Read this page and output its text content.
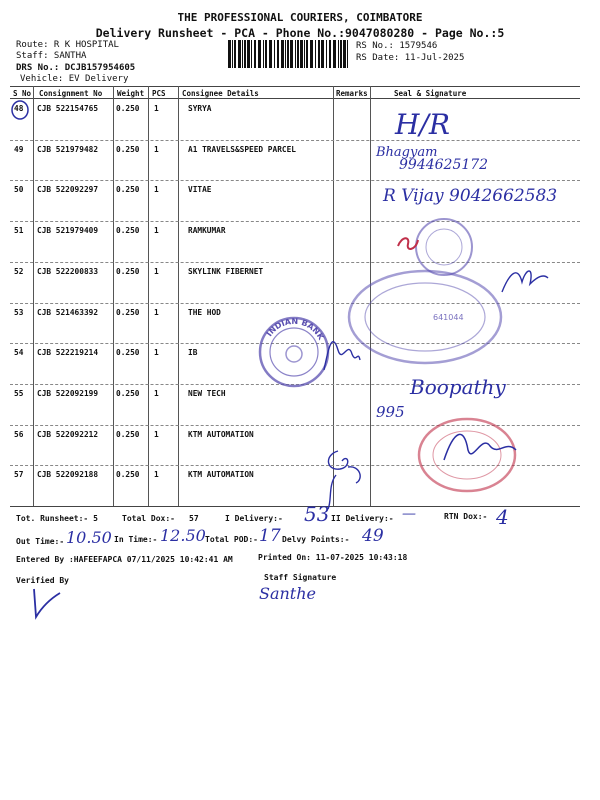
THE PROFESSIONAL COURIERS, COIMBATORE
Delivery Runsheet - PCA - Phone No.:9047080280 - Page No.:5
Route: R K HOSPITAL
Staff: SANTHA
DRS No.: DCJB157954605
Vehicle: EV Delivery
RS No.: 1579546
RS Date: 11-Jul-2025
S No Consignment No Weight PCS Consignee Details	Remarks	Seal & Signature
48 CJB 522154765 0.250 1	SYRYA
49 CJB 521979482 0.250 1	A1 TRAVELS&SPEED PARCEL
50 CJB 522092297 0.250 1	VITAE
51 CJB 521979409 0.250 1	RAMKUMAR
52 CJB 522200833 0.250 1	SKYLINK FIBERNET
53 CJB 521463392 0.250 1	THE HOD
54 CJB 522219214 0.250 1	IB
55 CJB 522092199 0.250 1	NEW TECH
56 CJB 522092212 0.250 1	KTM AUTOMATION
57 CJB 522092188 0.250 1	KTM AUTOMATION
INDIAN BANK
641044
H/R
Bhagyam
9944625172
R Vijay 9042662583
Boopathy
995
Tot. Runsheet:- 5	Total Dox:- 57	I Delivery:- 53 II Delivery:- —	RTN Dox:- 4
Out Time:- 10.50 In Time:- 12.50 Total POD:- 17 Delvy Points:- 49
Entered By :HAFEEFAPCA 07/11/2025 10:42:41 AM	Printed On: 11-07-2025 10:43:18
Verified By	Staff Signature
Santhe
